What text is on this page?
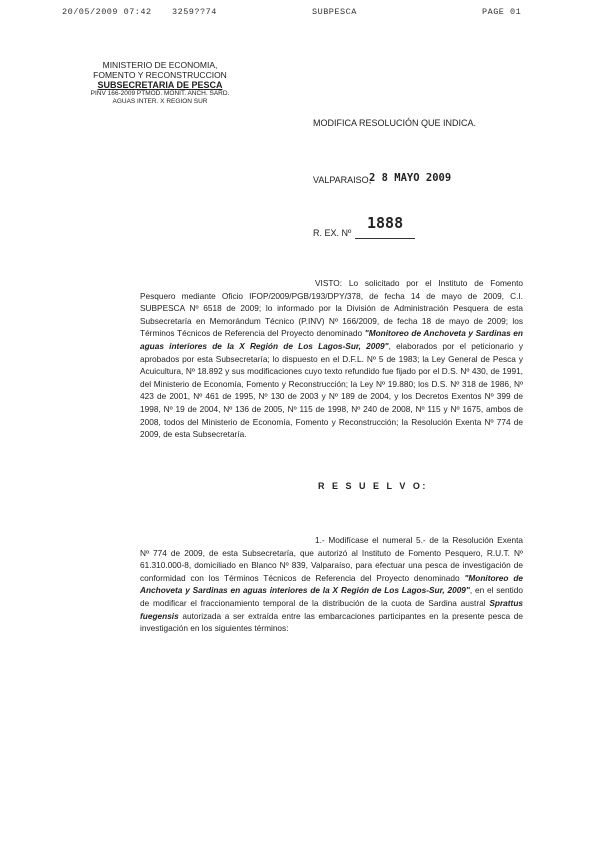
20/05/2009 07:42 3259??74	SUBPESCA	PAGE 01
MINISTERIO DE ECONOMIA,
FOMENTO Y RECONSTRUCCION
SUBSECRETARIA DE PESCA
PINV 166-2009 PTMOD. MONIT. ANCH. SARD.
AGUAS INTER. X REGION SUR
MODIFICA RESOLUCIÓN QUE INDICA.
VALPARAISO,
2 8 MAYO 2009
R. EX. Nº
1888

VISTO: Lo solicitado por el Instituto de Fomento Pesquero mediante Oficio IFOP/2009/PGB/193/DPY/378, de fecha 14 de mayo de 2009, C.I. SUBPESCA Nº 6518 de 2009; lo informado por la División de Administración Pesquera de esta Subsecretaría en Memorándum Técnico (P.INV) Nº 166/2009, de fecha 18 de mayo de 2009; los Términos Técnicos de Referencia del Proyecto denominado "Monitoreo de Anchoveta y Sardinas en aguas interiores de la X Región de Los Lagos-Sur, 2009", elaborados por el peticionario y aprobados por esta Subsecretaría; lo dispuesto en el D.F.L. Nº 5 de 1983; la Ley General de Pesca y Acuicultura, Nº 18.892 y sus modificaciones cuyo texto refundido fue fijado por el D.S. Nº 430, de 1991, del Ministerio de Economía, Fomento y Reconstrucción; la Ley Nº 19.880; los D.S. Nº 318 de 1986, Nº 423 de 2001, Nº 461 de 1995, Nº 130 de 2003 y Nº 189 de 2004, y los Decretos Exentos Nº 399 de 1998, Nº 19 de 2004, Nº 136 de 2005, Nº 115 de 1998, Nº 240 de 2008, Nº 115 y Nº 1675, ambos de 2008, todos del Ministerio de Economía, Fomento y Reconstrucción; la Resolución Exenta Nº 774 de 2009, de esta Subsecretaría.

R E S U E L V O:

1.- Modifícase el numeral 5.- de la Resolución Exenta Nº 774 de 2009, de esta Subsecretaría, que autorizó al Instituto de Fomento Pesquero, R.U.T. Nº 61.310.000-8, domiciliado en Blanco Nº 839, Valparaíso, para efectuar una pesca de investigación de conformidad con los Términos Técnicos de Referencia del Proyecto denominado "Monitoreo de Anchoveta y Sardinas en aguas interiores de la X Región de Los Lagos-Sur, 2009", en el sentido de modificar el fraccionamiento temporal de la distribución de la cuota de Sardina austral Sprattus fuegensis autorizada a ser extraída entre las embarcaciones participantes en la presente pesca de investigación en los siguientes términos:
